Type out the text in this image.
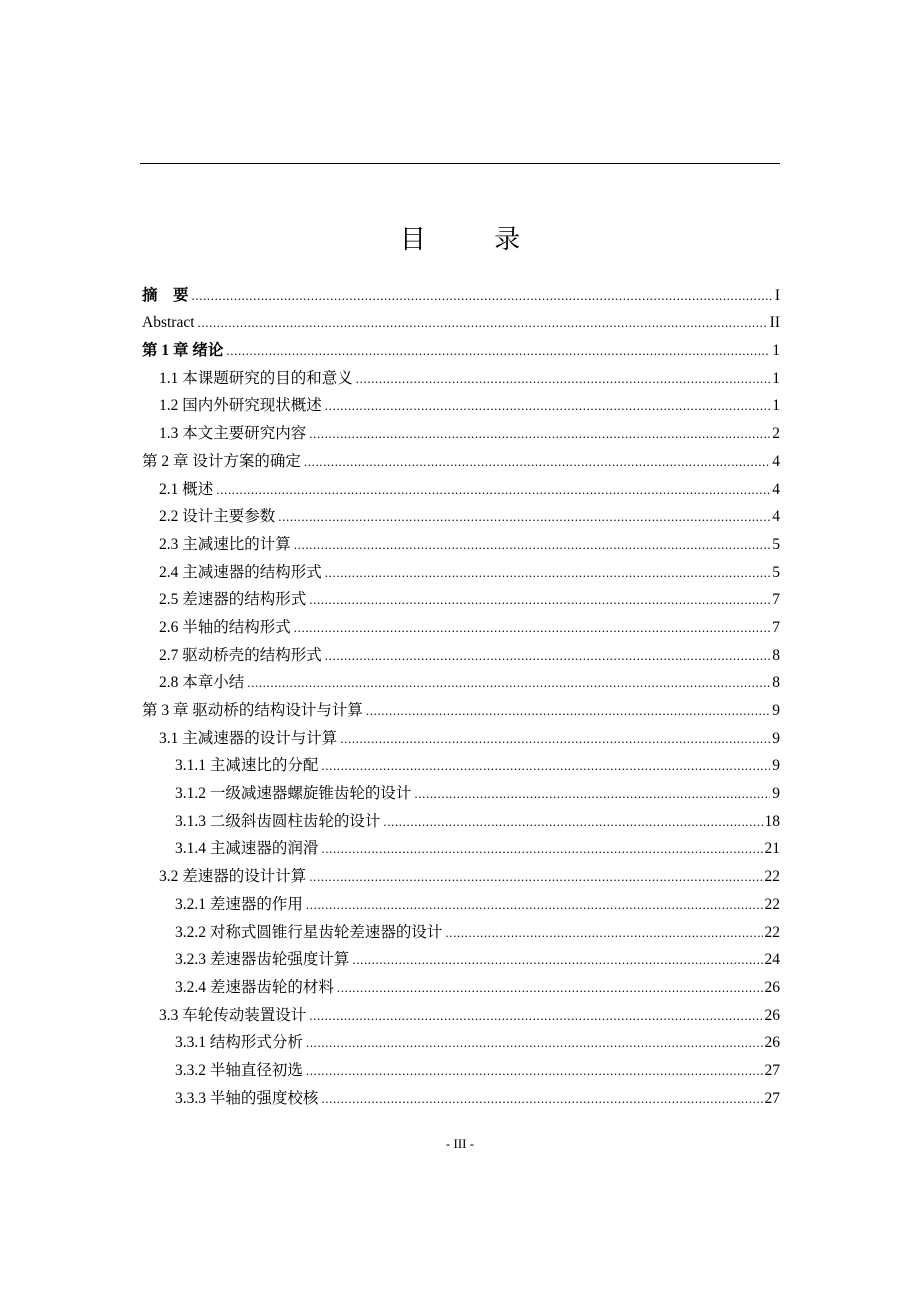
目 录
摘　要 .....	I
Abstract .....	II
第 1 章 绪论 .....	1
1.1 本课题研究的目的和意义 .....	1
1.2 国内外研究现状概述 .....	1
1.3 本文主要研究内容 .....	2
第 2 章 设计方案的确定 .....	4
2.1 概述 .....	4
2.2 设计主要参数 .....	4
2.3 主减速比的计算 .....	5
2.4 主减速器的结构形式 .....	5
2.5 差速器的结构形式 .....	7
2.6 半轴的结构形式 .....	7
2.7 驱动桥壳的结构形式 .....	8
2.8 本章小结 .....	8
第 3 章 驱动桥的结构设计与计算 .....	9
3.1 主减速器的设计与计算 .....	9
3.1.1 主减速比的分配 .....	9
3.1.2 一级减速器螺旋锥齿轮的设计 .....	9
3.1.3 二级斜齿圆柱齿轮的设计 .....	18
3.1.4 主减速器的润滑 .....	21
3.2 差速器的设计计算 .....	22
3.2.1 差速器的作用 .....	22
3.2.2 对称式圆锥行星齿轮差速器的设计 .....	22
3.2.3 差速器齿轮强度计算 .....	24
3.2.4 差速器齿轮的材料 .....	26
3.3 车轮传动装置设计 .....	26
3.3.1 结构形式分析 .....	26
3.3.2 半轴直径初选 .....	27
3.3.3 半轴的强度校核 .....	27
- III -
